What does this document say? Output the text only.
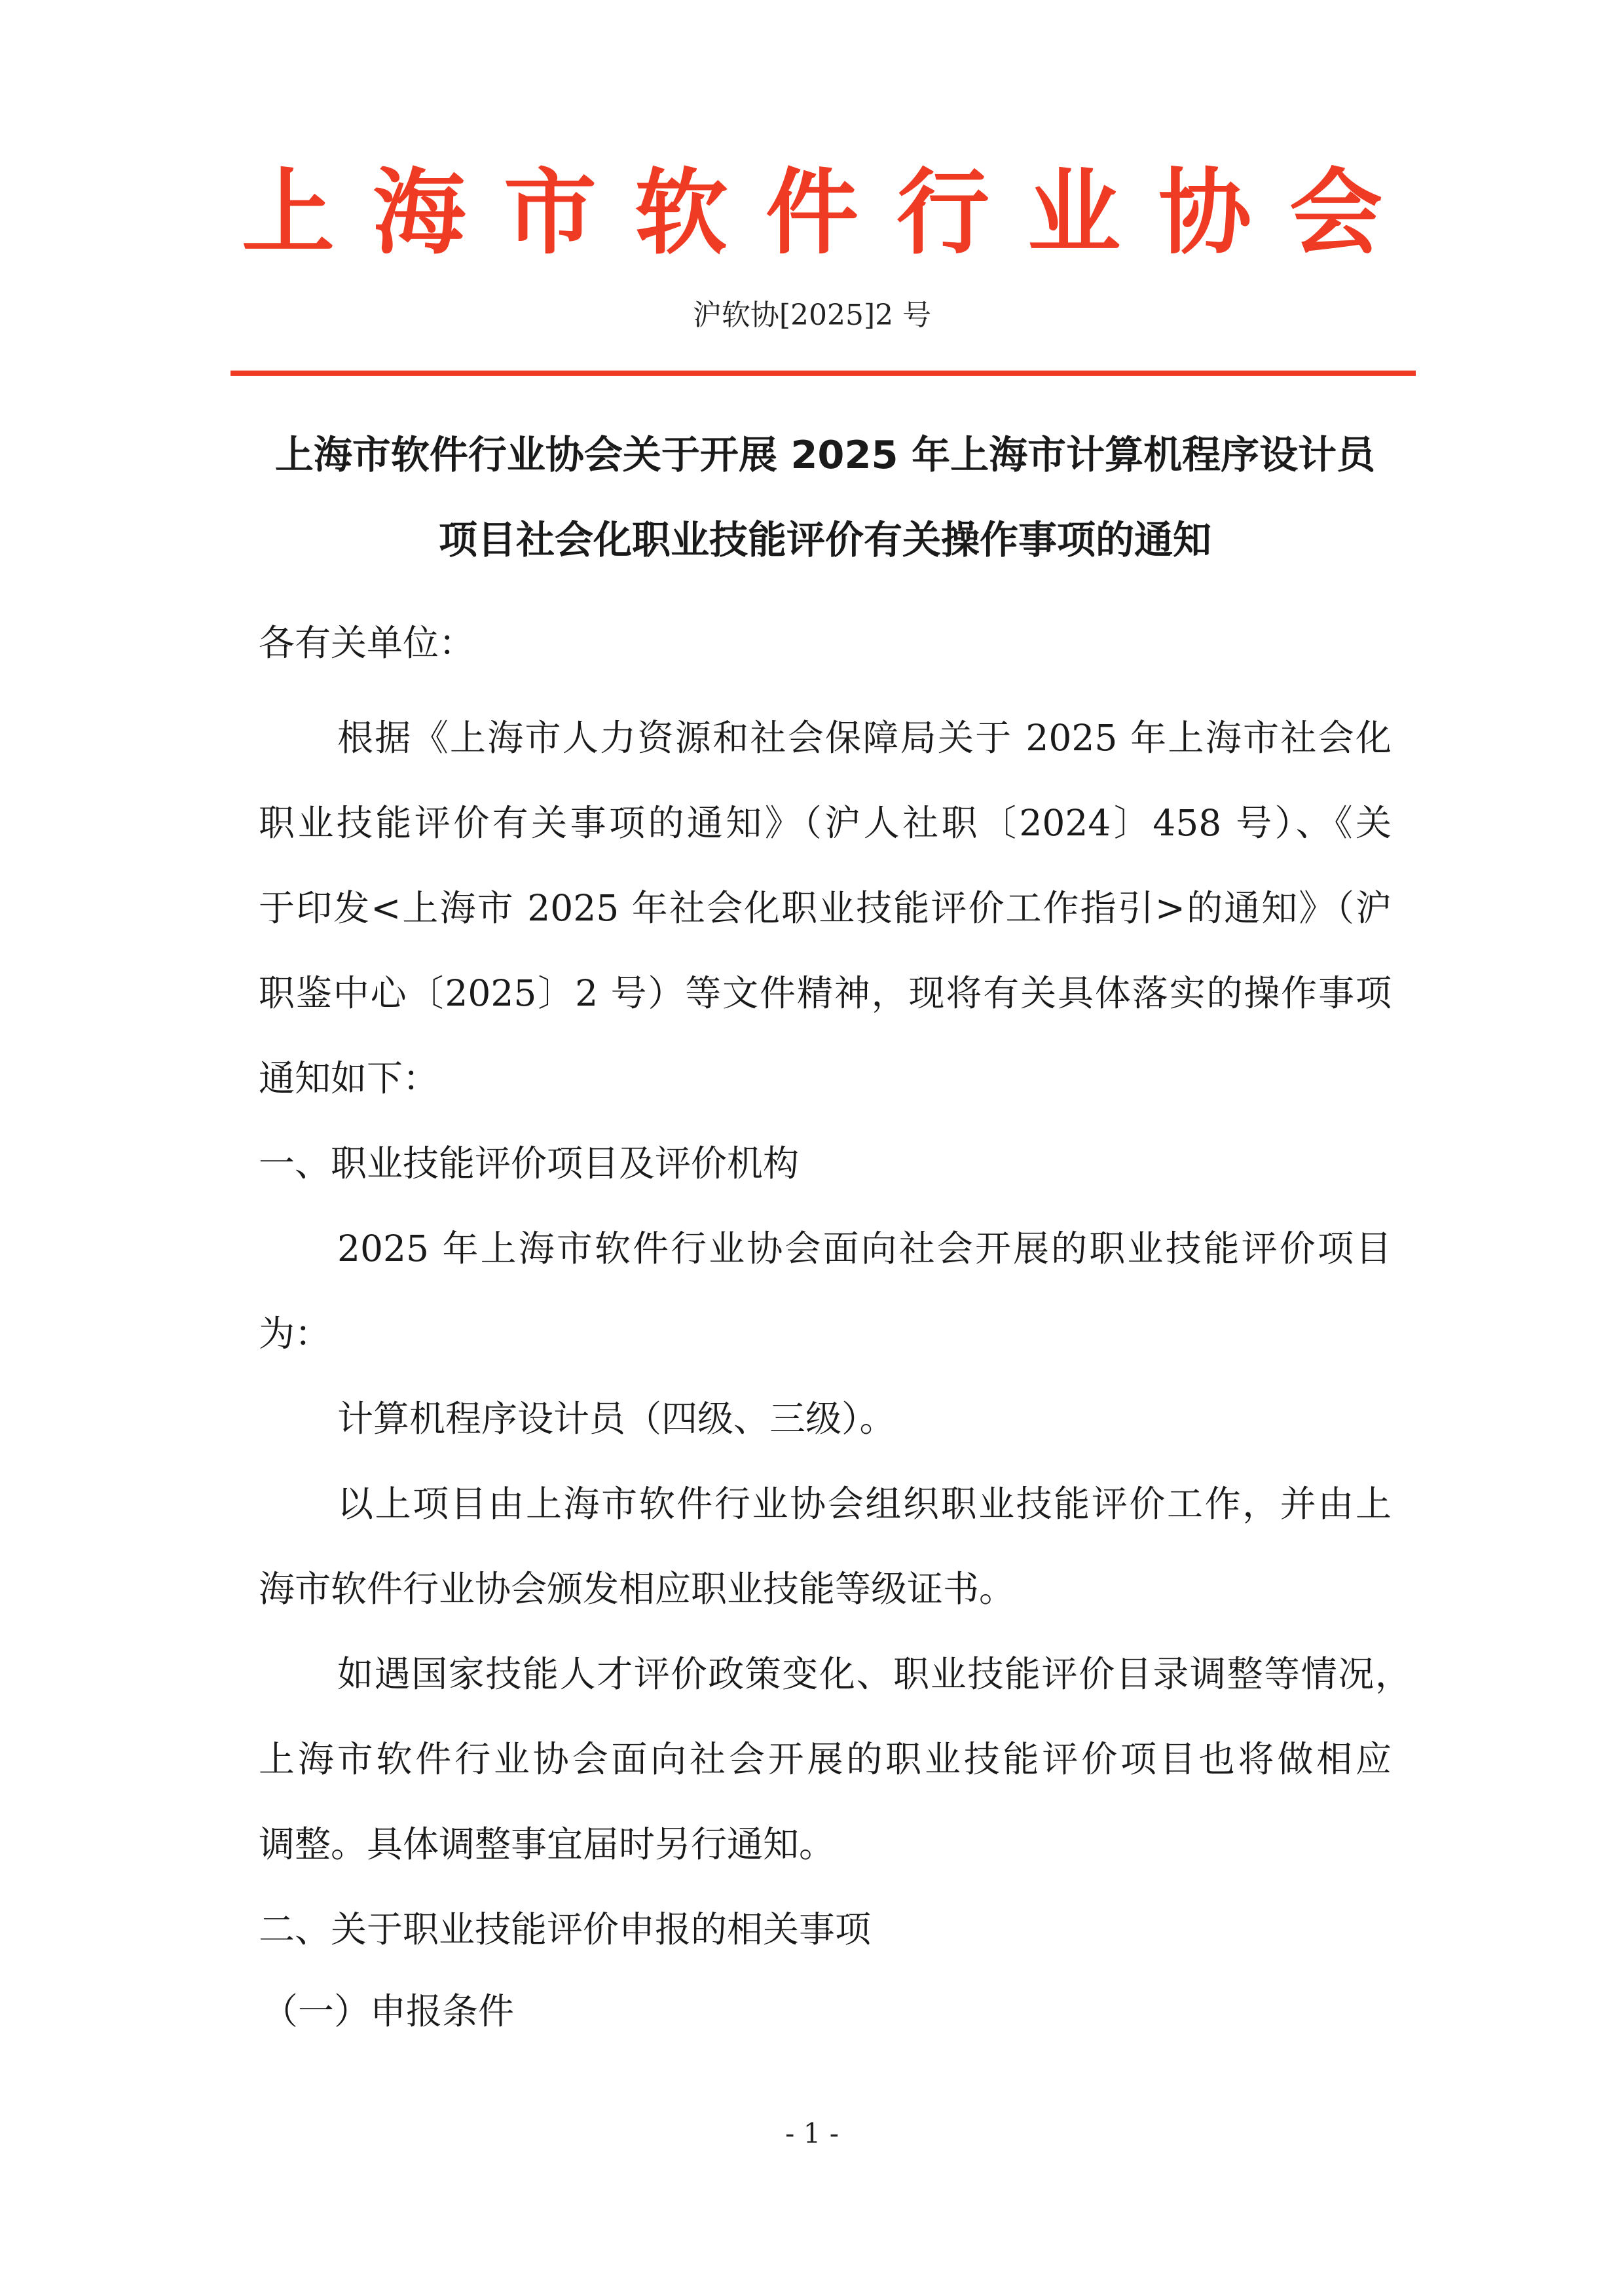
上海市软件行业协会
沪软协[2025]2 号
上海市软件行业协会关于开展 2025 年上海市计算机程序设计员
项目社会化职业技能评价有关操作事项的通知
各有关单位：
根据《上海市人力资源和社会保障局关于 2025 年上海市社会化
职业技能评价有关事项的通知》（沪人社职〔2024〕458 号）、《关
于印发<上海市 2025 年社会化职业技能评价工作指引>的通知》（沪
职鉴中心〔2025〕2 号）等文件精神，现将有关具体落实的操作事项
通知如下：
一、职业技能评价项目及评价机构
2025 年上海市软件行业协会面向社会开展的职业技能评价项目
为：
计算机程序设计员（四级、三级）。
以上项目由上海市软件行业协会组织职业技能评价工作，并由上
海市软件行业协会颁发相应职业技能等级证书。
如遇国家技能人才评价政策变化、职业技能评价目录调整等情况，
上海市软件行业协会面向社会开展的职业技能评价项目也将做相应
调整。具体调整事宜届时另行通知。
二、关于职业技能评价申报的相关事项
（一）申报条件
- 1 -
